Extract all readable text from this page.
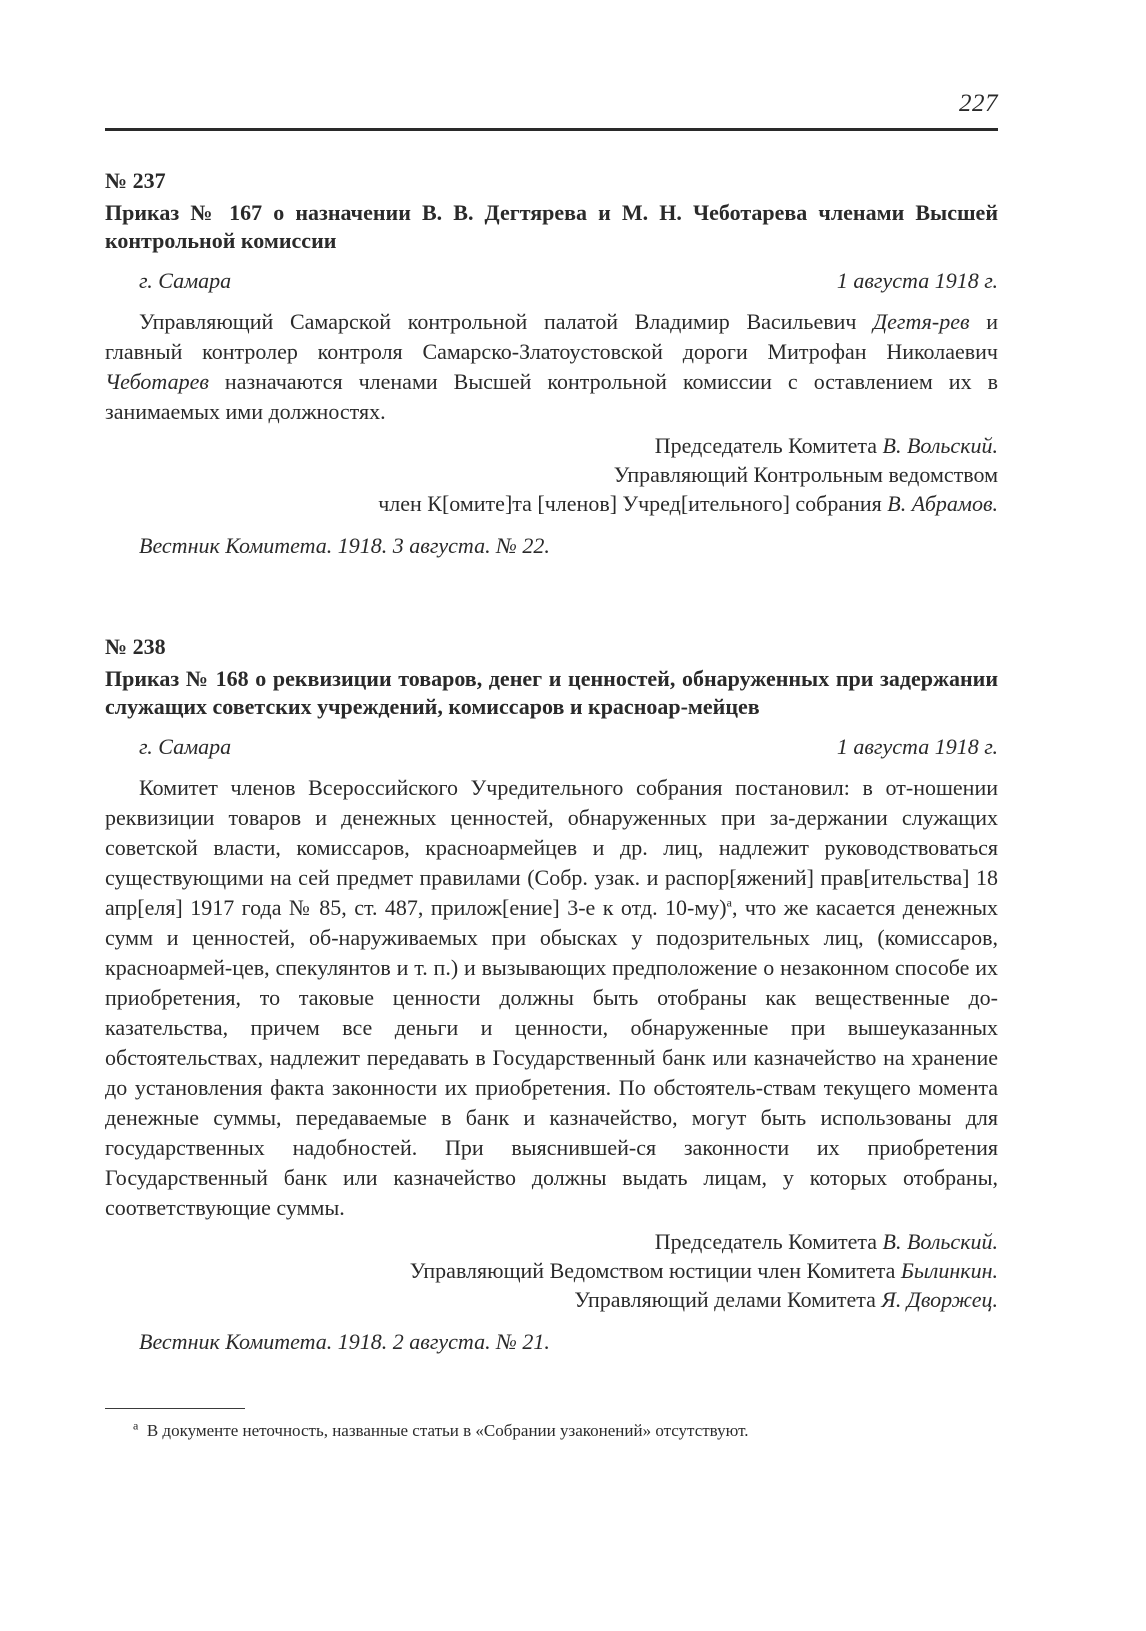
227

№ 237

Приказ № 167 о назначении В. В. Дегтярева и М. Н. Чеботарева членами Высшей контрольной комиссии

г. Самара	1 августа 1918 г.

Управляющий Самарской контрольной палатой Владимир Васильевич Дегтя-рев и главный контролер контроля Самарско-Златоустовской дороги Митрофан Николаевич Чеботарев назначаются членами Высшей контрольной комиссии с оставлением их в занимаемых ими должностях.

Председатель Комитета В. Вольский.
Управляющий Контрольным ведомством
член К[омите]та [членов] Учред[ительного] собрания В. Абрамов.
Вестник Комитета. 1918. 3 августа. № 22.

№ 238

Приказ № 168 о реквизиции товаров, денег и ценностей, обнаруженных при задержании служащих советских учреждений, комиссаров и красноар-мейцев

г. Самара	1 августа 1918 г.

Комитет членов Всероссийского Учредительного собрания постановил: в от-ношении реквизиции товаров и денежных ценностей, обнаруженных при за-держании служащих советской власти, комиссаров, красноармейцев и др. лиц, надлежит руководствоваться существующими на сей предмет правилами (Собр. узак. и распор[яжений] прав[ительства] 18 апр[еля] 1917 года № 85, ст. 487, прилож[ение] 3-е к отд. 10-му)$^а$, что же касается денежных сумм и ценностей, об-наруживаемых при обысках у подозрительных лиц, (комиссаров, красноармей-цев, спекулянтов и т. п.) и вызывающих предположение о незаконном способе их приобретения, то таковые ценности должны быть отобраны как вещественные до-казательства, причем все деньги и ценности, обнаруженные при вышеуказанных обстоятельствах, надлежит передавать в Государственный банк или казначейство на хранение до установления факта законности их приобретения. По обстоятель-ствам текущего момента денежные суммы, передаваемые в банк и казначейство, могут быть использованы для государственных надобностей. При выяснившей-ся законности их приобретения Государственный банк или казначейство должны выдать лицам, у которых отобраны, соответствующие суммы.

Председатель Комитета В. Вольский.
Управляющий Ведомством юстиции член Комитета Былинкин.
Управляющий делами Комитета Я. Дворжец.
Вестник Комитета. 1918. 2 августа. № 21.
$^а$ В документе неточность, названные статьи в «Собрании узаконений» отсутствуют.
